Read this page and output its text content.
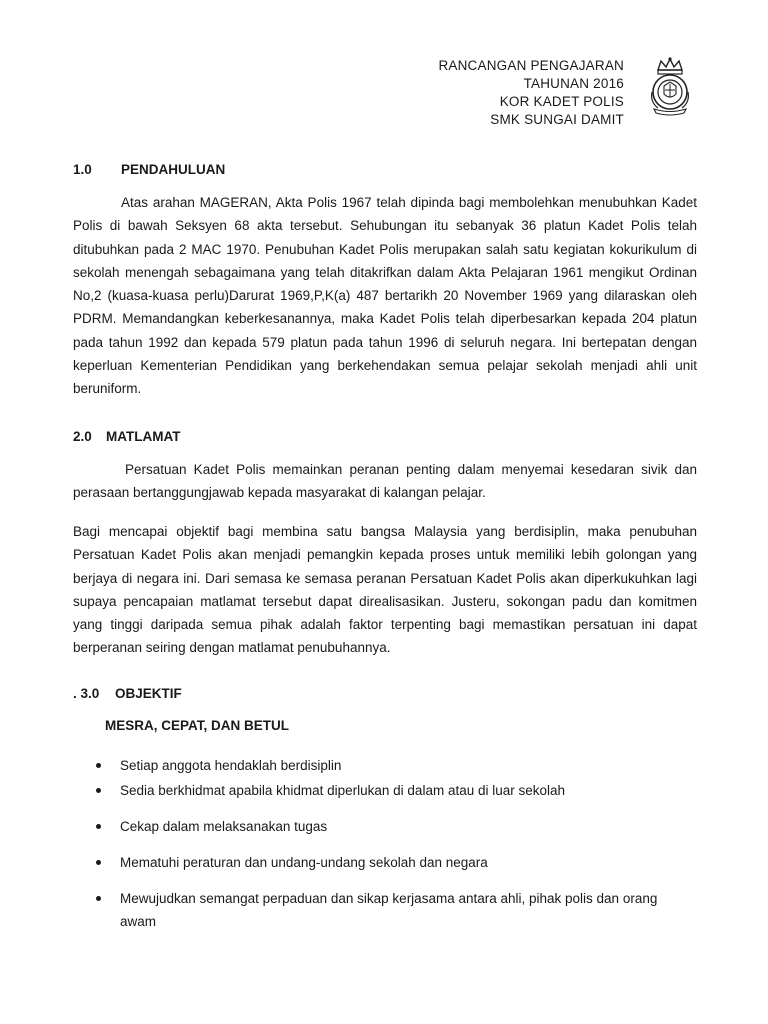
RANCANGAN PENGAJARAN
TAHUNAN 2016
KOR KADET POLIS
SMK SUNGAI DAMIT
1.0 PENDAHULUAN
Atas arahan MAGERAN, Akta Polis 1967 telah dipinda bagi membolehkan menubuhkan Kadet Polis di bawah Seksyen 68 akta tersebut. Sehubungan itu sebanyak 36 platun Kadet Polis telah ditubuhkan pada 2 MAC 1970. Penubuhan Kadet Polis merupakan salah satu kegiatan kokurikulum di sekolah menengah sebagaimana yang telah ditakrifkan dalam Akta Pelajaran 1961 mengikut Ordinan No,2 (kuasa-kuasa perlu)Darurat 1969,P,K(a) 487 bertarikh 20 November 1969 yang dilaraskan oleh PDRM. Memandangkan keberkesanannya, maka Kadet Polis telah diperbesarkan kepada 204 platun pada tahun 1992 dan kepada 579 platun pada tahun 1996 di seluruh negara. Ini bertepatan dengan keperluan Kementerian Pendidikan yang berkehendakan semua pelajar sekolah menjadi ahli unit beruniform.
2.0 MATLAMAT
Persatuan Kadet Polis memainkan peranan penting dalam menyemai kesedaran sivik dan perasaan bertanggungjawab kepada masyarakat di kalangan pelajar.
Bagi mencapai objektif bagi membina satu bangsa Malaysia yang berdisiplin, maka penubuhan Persatuan Kadet Polis akan menjadi pemangkin kepada proses untuk memiliki lebih golongan yang berjaya di negara ini. Dari semasa ke semasa peranan Persatuan Kadet Polis akan diperkukuhkan lagi supaya pencapaian matlamat tersebut dapat direalisasikan. Justeru, sokongan padu dan komitmen yang tinggi daripada semua pihak adalah faktor terpenting bagi memastikan persatuan ini dapat berperanan seiring dengan matlamat penubuhannya.
. 3.0 OBJEKTIF
MESRA, CEPAT, DAN BETUL
Setiap anggota hendaklah berdisiplin
Sedia berkhidmat apabila khidmat diperlukan di dalam atau di luar sekolah
Cekap dalam melaksanakan tugas
Mematuhi peraturan dan undang-undang sekolah dan negara
Mewujudkan semangat perpaduan dan sikap kerjasama antara ahli, pihak polis dan orang awam
